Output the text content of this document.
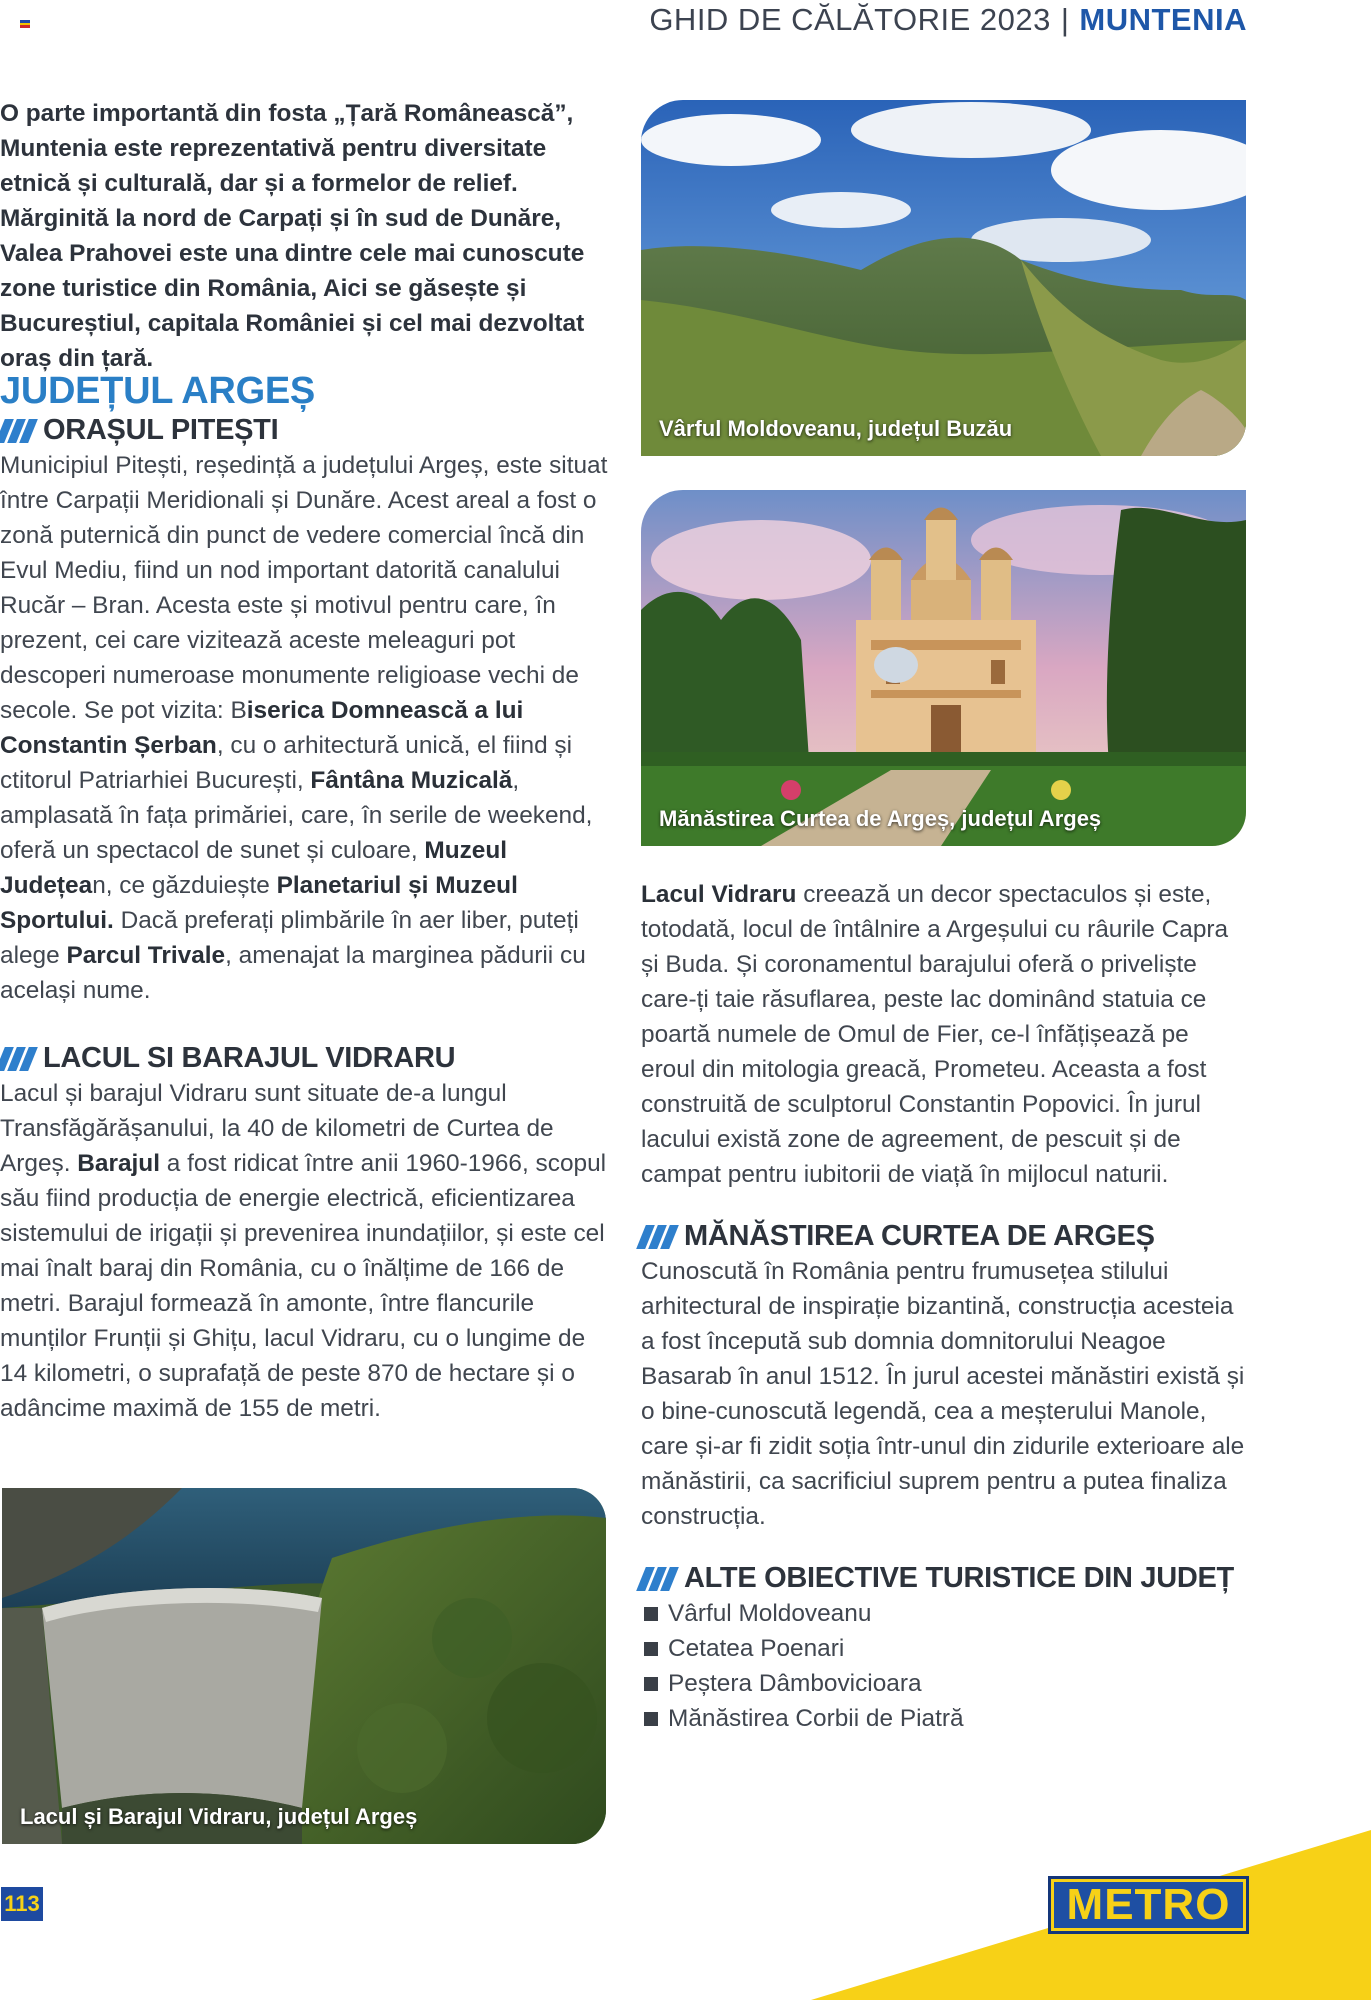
GHID DE CĂLĂTORIE 2023 | MUNTENIA

O parte importantă din fosta „Țară Românească”, Muntenia este reprezentativă pentru diversitate etnică și culturală, dar și a formelor de relief. Mărginită la nord de Carpați și în sud de Dunăre, Valea Prahovei este una dintre cele mai cunoscute zone turistice din România, Aici se găsește și Bucureștiul, capitala României și cel mai dezvoltat oraș din țară.

JUDEȚUL ARGEȘ
ORAȘUL PITEȘTI

Municipiul Pitești, reședință a județului Argeș, este situat între Carpații Meridionali și Dunăre. Acest areal a fost o zonă puternică din punct de vedere comercial încă din Evul Mediu, fiind un nod important datorită canalului Rucăr – Bran. Acesta este și motivul pentru care, în prezent, cei care vizitează aceste meleaguri pot descoperi numeroase monumente religioase vechi de secole. Se pot vizita: Biserica Domnească a lui Constantin Șerban, cu o arhitectură unică, el fiind și ctitorul Patriarhiei București, Fântâna Muzicală, amplasată în fața primăriei, care, în serile de weekend, oferă un spectacol de sunet și culoare, Muzeul Județean, ce găzduiește Planetariul și Muzeul Sportului. Dacă preferați plimbările în aer liber, puteți alege Parcul Trivale, amenajat la marginea pădurii cu același nume.

LACUL SI BARAJUL VIDRARU

Lacul și barajul Vidraru sunt situate de-a lungul Transfăgărășanului, la 40 de kilometri de Curtea de Argeș. Barajul a fost ridicat între anii 1960-1966, scopul său fiind producția de energie electrică, eficientizarea sistemului de irigații și prevenirea inundațiilor, și este cel mai înalt baraj din România, cu o înălțime de 166 de metri. Barajul formează în amonte, între flancurile munților Frunții și Ghițu, lacul Vidraru, cu o lungime de 14 kilometri, o suprafață de peste 870 de hectare și o adâncime maximă de 155 de metri.

Lacul și Barajul Vidraru, județul Argeș
Vârful Moldoveanu, județul Buzău
Mănăstirea Curtea de Argeș, județul Argeș

Lacul Vidraru creează un decor spectaculos și este, totodată, locul de întâlnire a Argeșului cu râurile Capra și Buda. Și coronamentul barajului oferă o priveliște care-ți taie răsuflarea, peste lac dominând statuia ce poartă numele de Omul de Fier, ce-l înfățișează pe eroul din mitologia greacă, Prometeu. Aceasta a fost construită de sculptorul Constantin Popovici. În jurul lacului există zone de agreement, de pescuit și de campat pentru iubitorii de viață în mijlocul naturii.

MĂNĂSTIREA CURTEA DE ARGEȘ

Cunoscută în România pentru frumusețea stilului arhitectural de inspirație bizantină, construcția acesteia a fost începută sub domnia domnitorului Neagoe Basarab în anul 1512. În jurul acestei mănăstiri există și o bine-cunoscută legendă, cea a meșterului Manole, care și-ar fi zidit soția într-unul din zidurile exterioare ale mănăstirii, ca sacrificiul suprem pentru a putea finaliza construcția.

ALTE OBIECTIVE TURISTICE DIN JUDEȚ
Vârful Moldoveanu
Cetatea Poenari
Peștera Dâmbovicioara
Mănăstirea Corbii de Piatră
113	METRO
